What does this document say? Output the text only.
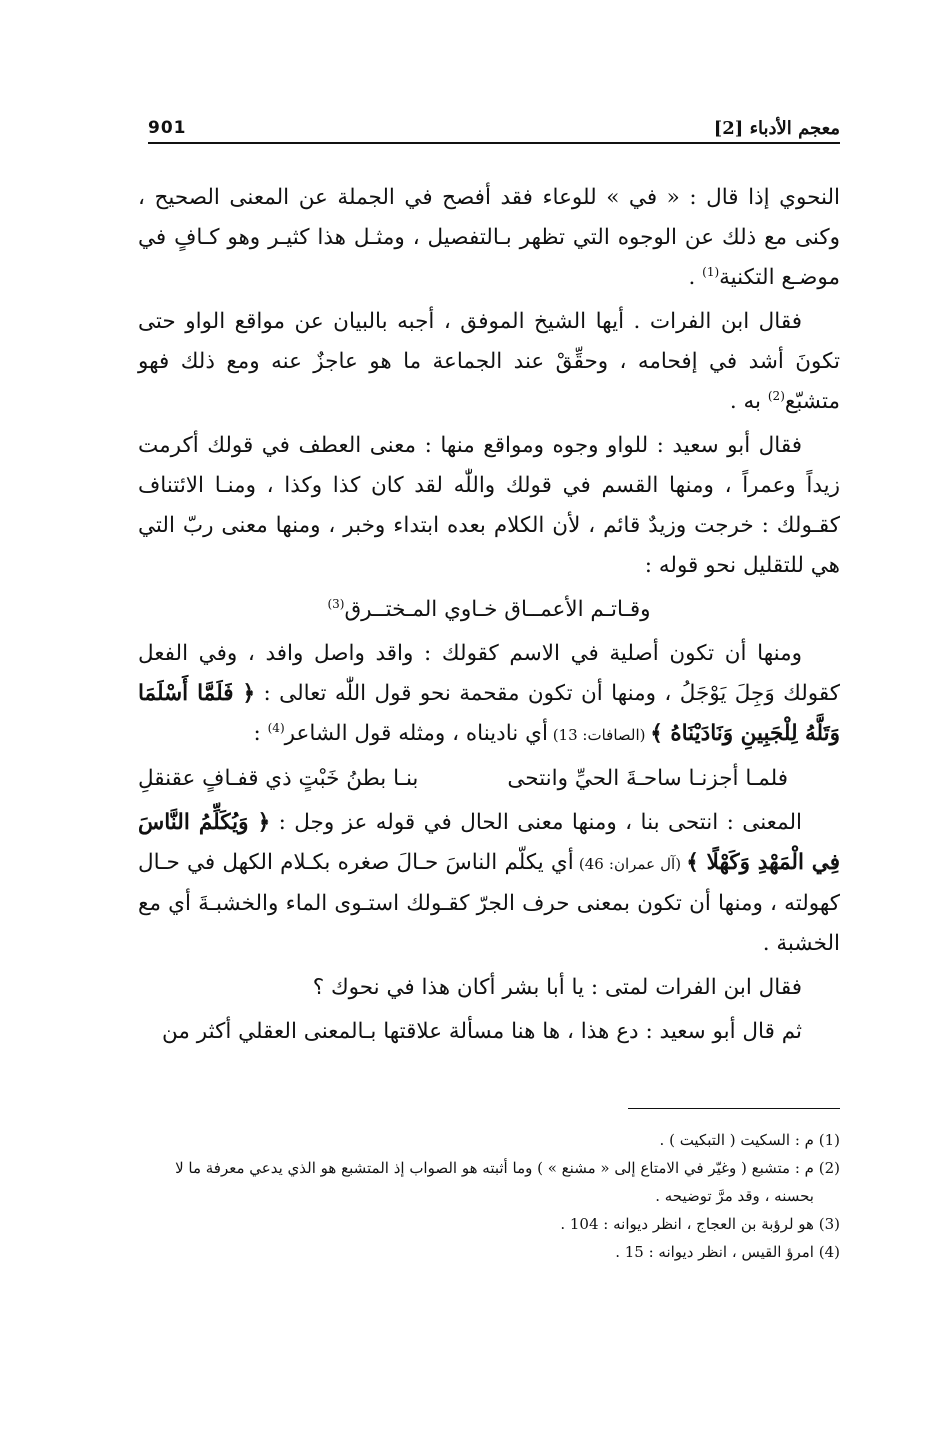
معجم الأدباء [2]
901

النحوي إذا قال : « في » للوعاء فقد أفصح في الجملة عن المعنى الصحيح ، وكنى مع ذلك عن الوجوه التي تظهر بـالتفصيل ، ومثـل هذا كثيـر وهو كـافٍ في موضـع التكنية$^{(1)}$ .

فقال ابن الفرات . أيها الشيخ الموفق ، أجبه بالبيان عن مواقع الواو حتى تكونَ أشد في إفحامه ، وحقِّقْ عند الجماعة ما هو عاجزٌ عنه ومع ذلك فهو متشبّع$^{(2)}$ به .

فقال أبو سعيد : للواو وجوه ومواقع منها : معنى العطف في قولك أكرمت زيداً وعمراً ، ومنها القسم في قولك واللّٰه لقد كان كذا وكذا ، ومنـا الائتناف كقـولك : خرجت وزيدٌ قائم ، لأن الكلام بعده ابتداء وخبر ، ومنها معنى ربّ التي هي للتقليل نحو قوله :

وقـاتـم الأعمــاق خـاوي المـختــرق$^{(3)}$

ومنها أن تكون أصلية في الاسم كقولك : واقد واصل وافد ، وفي الفعل كقولك وَجِلَ يَوْجَلُ ، ومنها أن تكون مقحمة نحو قول اللّٰه تعالى : ﴿ فَلَمَّا أَسْلَمَا وَتَلَّهُ لِلْجَبِينِ وَنَادَيْنَاهُ ﴾ (الصافات: 13) أي ناديناه ، ومثله قول الشاعر$^{(4)}$ :

فلمـا أجزنـا ساحـةَ الحيِّ وانتحى
بنـا بطنُ خَبْتٍ ذي قفـافٍ عقنقلِ

المعنى : انتحى بنا ، ومنها معنى الحال في قوله عز وجل : ﴿ وَيُكَلِّمُ النَّاسَ فِي الْمَهْدِ وَكَهْلًا ﴾ (آل عمران: 46) أي يكلّم الناسَ حـالَ صغره بكـلام الكهل في حـال كهولته ، ومنها أن تكون بمعنى حرف الجرّ كقـولك استـوى الماء والخشبـةَ أي مع الخشبة .

فقال ابن الفرات لمتى : يا أبا بشر أكان هذا في نحوك ؟

ثم قال أبو سعيد : دع هذا ، ها هنا مسألة علاقتها بـالمعنى العقلي أكثر من

(1) م : السكيت ( التبكيت ) .

(2) م : متشبع ( وغيّر في الامتاع إلى « مشنع » ) وما أثبته هو الصواب إذ المتشبع هو الذي يدعي معرفة ما لا

بحسنه ، وقد مرَّ توضيحه .

(3) هو لرؤبة بن العجاج ، انظر ديوانه : 104 .

(4) امرؤ القيس ، انظر ديوانه : 15 .
